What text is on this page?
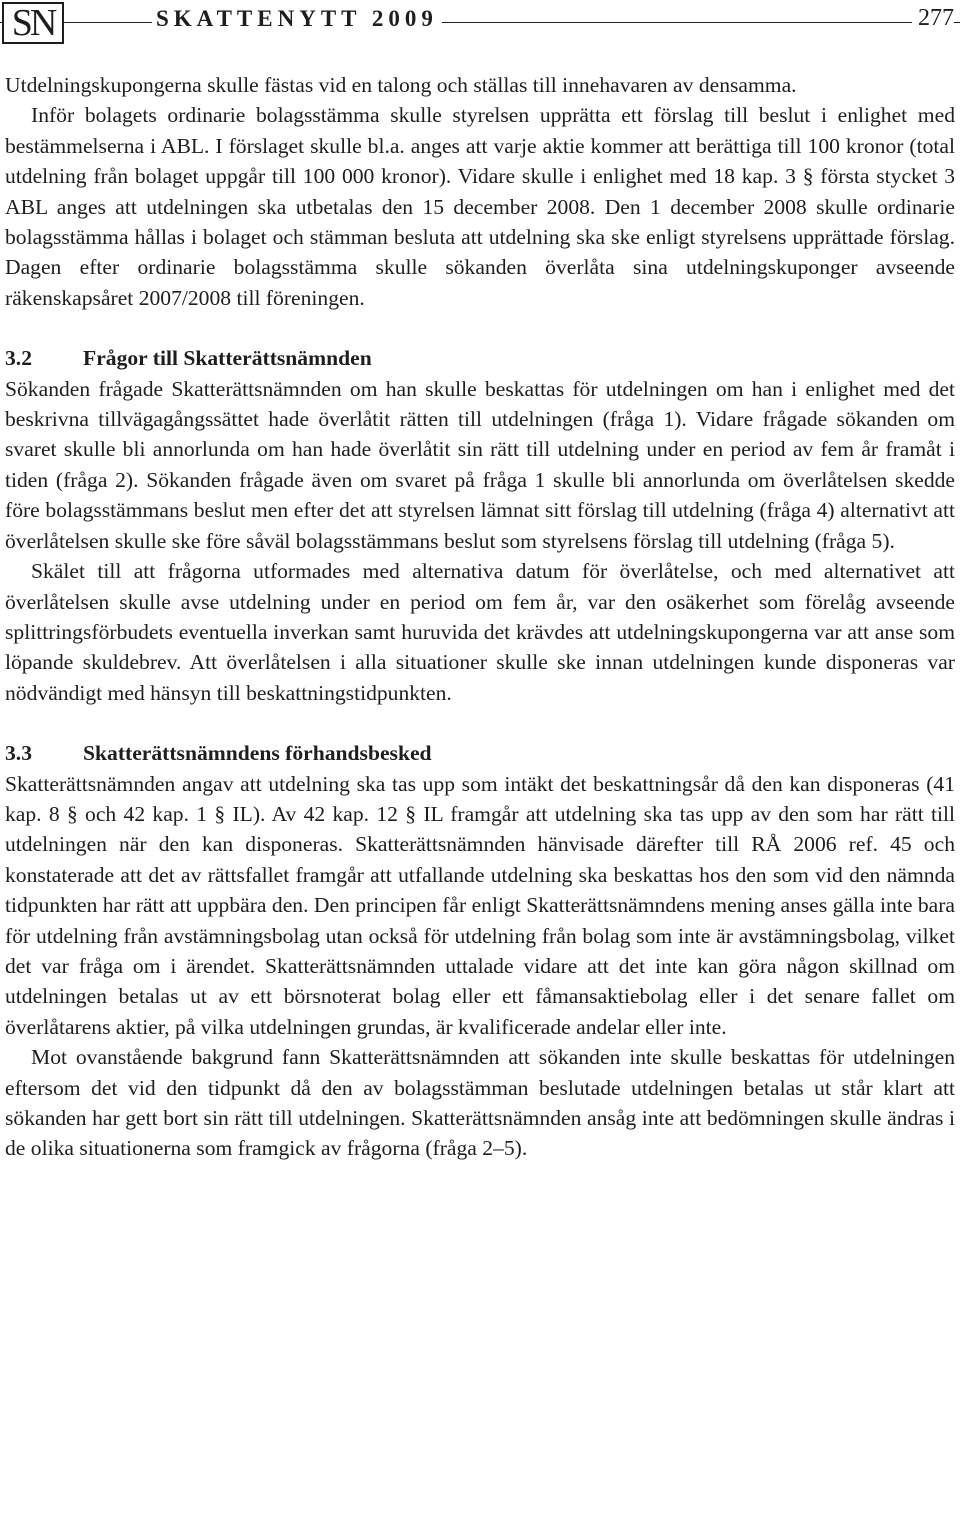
SN	SKATTENYTT 2009	277

Utdelningskupongerna skulle fästas vid en talong och ställas till innehavaren av densamma.

Inför bolagets ordinarie bolagsstämma skulle styrelsen upprätta ett förslag till beslut i enlighet med bestämmelserna i ABL. I förslaget skulle bl.a. anges att varje aktie kommer att berättiga till 100 kronor (total utdelning från bolaget uppgår till 100 000 kronor). Vidare skulle i enlighet med 18 kap. 3 § första stycket 3 ABL anges att utdelningen ska utbetalas den 15 december 2008. Den 1 december 2008 skulle ordinarie bolagsstämma hållas i bolaget och stämman besluta att utdelning ska ske enligt styrelsens upprättade förslag. Dagen efter ordinarie bolagsstämma skulle sökanden överlåta sina utdelningskuponger avseende räkenskapsåret 2007/2008 till föreningen.

3.2 Frågor till Skatterättsnämnden

Sökanden frågade Skatterättsnämnden om han skulle beskattas för utdelningen om han i enlighet med det beskrivna tillvägagångssättet hade överlåtit rätten till utdelningen (fråga 1). Vidare frågade sökanden om svaret skulle bli annorlunda om han hade överlåtit sin rätt till utdelning under en period av fem år framåt i tiden (fråga 2). Sökanden frågade även om svaret på fråga 1 skulle bli annorlunda om överlåtelsen skedde före bolagsstämmans beslut men efter det att styrelsen lämnat sitt förslag till utdelning (fråga 4) alternativt att överlåtelsen skulle ske före såväl bolagsstämmans beslut som styrelsens förslag till utdelning (fråga 5).

Skälet till att frågorna utformades med alternativa datum för överlåtelse, och med alternativet att överlåtelsen skulle avse utdelning under en period om fem år, var den osäkerhet som förelåg avseende splittringsförbudets eventuella inverkan samt huruvida det krävdes att utdelningskupongerna var att anse som löpande skuldebrev. Att överlåtelsen i alla situationer skulle ske innan utdelningen kunde disponeras var nödvändigt med hänsyn till beskattningstidpunkten.

3.3 Skatterättsnämndens förhandsbesked

Skatterättsnämnden angav att utdelning ska tas upp som intäkt det beskattningsår då den kan disponeras (41 kap. 8 § och 42 kap. 1 § IL). Av 42 kap. 12 § IL framgår att utdelning ska tas upp av den som har rätt till utdelningen när den kan disponeras. Skatterättsnämnden hänvisade därefter till RÅ 2006 ref. 45 och konstaterade att det av rättsfallet framgår att utfallande utdelning ska beskattas hos den som vid den nämnda tidpunkten har rätt att uppbära den. Den principen får enligt Skatterättsnämndens mening anses gälla inte bara för utdelning från avstämningsbolag utan också för utdelning från bolag som inte är avstämningsbolag, vilket det var fråga om i ärendet. Skatterättsnämnden uttalade vidare att det inte kan göra någon skillnad om utdelningen betalas ut av ett börsnoterat bolag eller ett fåmansaktiebolag eller i det senare fallet om överlåtarens aktier, på vilka utdelningen grundas, är kvalificerade andelar eller inte.

Mot ovanstående bakgrund fann Skatterättsnämnden att sökanden inte skulle beskattas för utdelningen eftersom det vid den tidpunkt då den av bolagsstämman beslutade utdelningen betalas ut står klart att sökanden har gett bort sin rätt till utdelningen. Skatterättsnämnden ansåg inte att bedömningen skulle ändras i de olika situationerna som framgick av frågorna (fråga 2–5).
